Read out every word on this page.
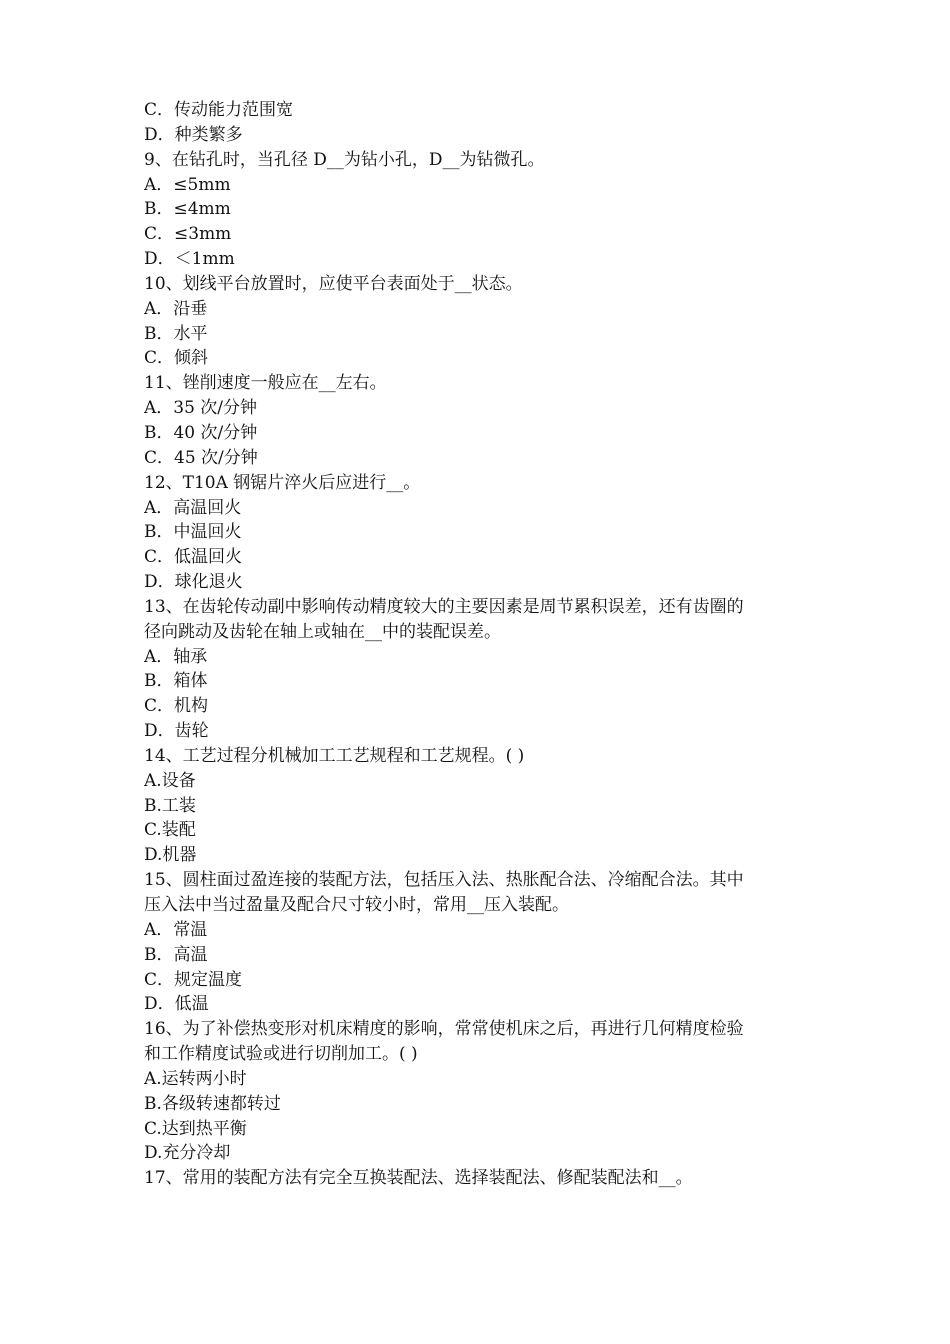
C．传动能力范围宽
D．种类繁多
9、在钻孔时，当孔径 D__为钻小孔，D__为钻微孔。
A．≤5mm
B．≤4mm
C．≤3mm
D．＜1mm
10、划线平台放置时，应使平台表面处于__状态。
A．沿垂
B．水平
C．倾斜
11、锉削速度一般应在__左右。
A．35 次/分钟
B．40 次/分钟
C．45 次/分钟
12、T10A 钢锯片淬火后应进行__。
A．高温回火
B．中温回火
C．低温回火
D．球化退火
13、在齿轮传动副中影响传动精度较大的主要因素是周节累积误差，还有齿圈的
径向跳动及齿轮在轴上或轴在__中的装配误差。
A．轴承
B．箱体
C．机构
D．齿轮
14、工艺过程分机械加工工艺规程和工艺规程。( )
A.设备
B.工装
C.装配
D.机器
15、圆柱面过盈连接的装配方法，包括压入法、热胀配合法、冷缩配合法。其中
压入法中当过盈量及配合尺寸较小时，常用__压入装配。
A．常温
B．高温
C．规定温度
D．低温
16、为了补偿热变形对机床精度的影响，常常使机床之后，再进行几何精度检验
和工作精度试验或进行切削加工。( )
A.运转两小时
B.各级转速都转过
C.达到热平衡
D.充分冷却
17、常用的装配方法有完全互换装配法、选择装配法、修配装配法和__。
